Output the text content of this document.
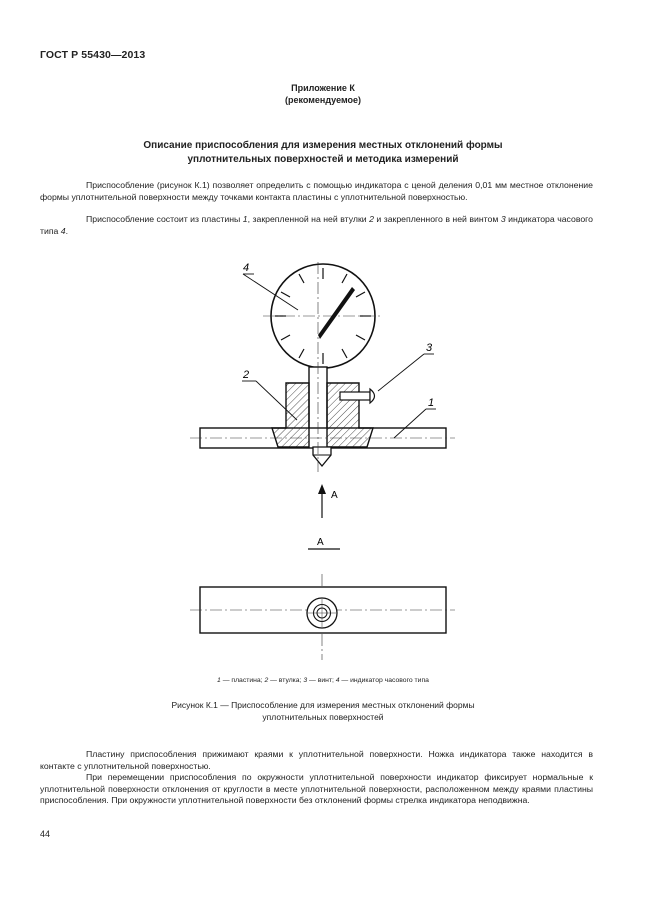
ГОСТ Р 55430—2013
Приложение К
(рекомендуемое)
Описание приспособления для измерения местных отклонений формы
уплотнительных поверхностей и методика измерений
Приспособление (рисунок К.1) позволяет определить с помощью индикатора с ценой деления 0,01 мм местное отклонение формы уплотнительной поверхности между точками контакта пластины с уплотнительной поверхностью.
Приспособление состоит из пластины 1, закрепленной на ней втулки 2 и закрепленного в ней винтом 3 индикатора часового типа 4.
4
2
3
1
А
А
1 — пластина; 2 — втулка; 3 — винт; 4 — индикатор часового типа
Рисунок К.1 — Приспособление для измерения местных отклонений формы
уплотнительных поверхностей
Пластину приспособления прижимают краями к уплотнительной поверхности. Ножка индикатора также находится в контакте с уплотнительной поверхностью.
При перемещении приспособления по окружности уплотнительной поверхности индикатор фиксирует нормальные к уплотнительной поверхности отклонения от круглости в месте уплотнительной поверхности, расположенном между краями пластины приспособления. При окружности уплотнительной поверхности без отклонений формы стрелка индикатора неподвижна.
44
